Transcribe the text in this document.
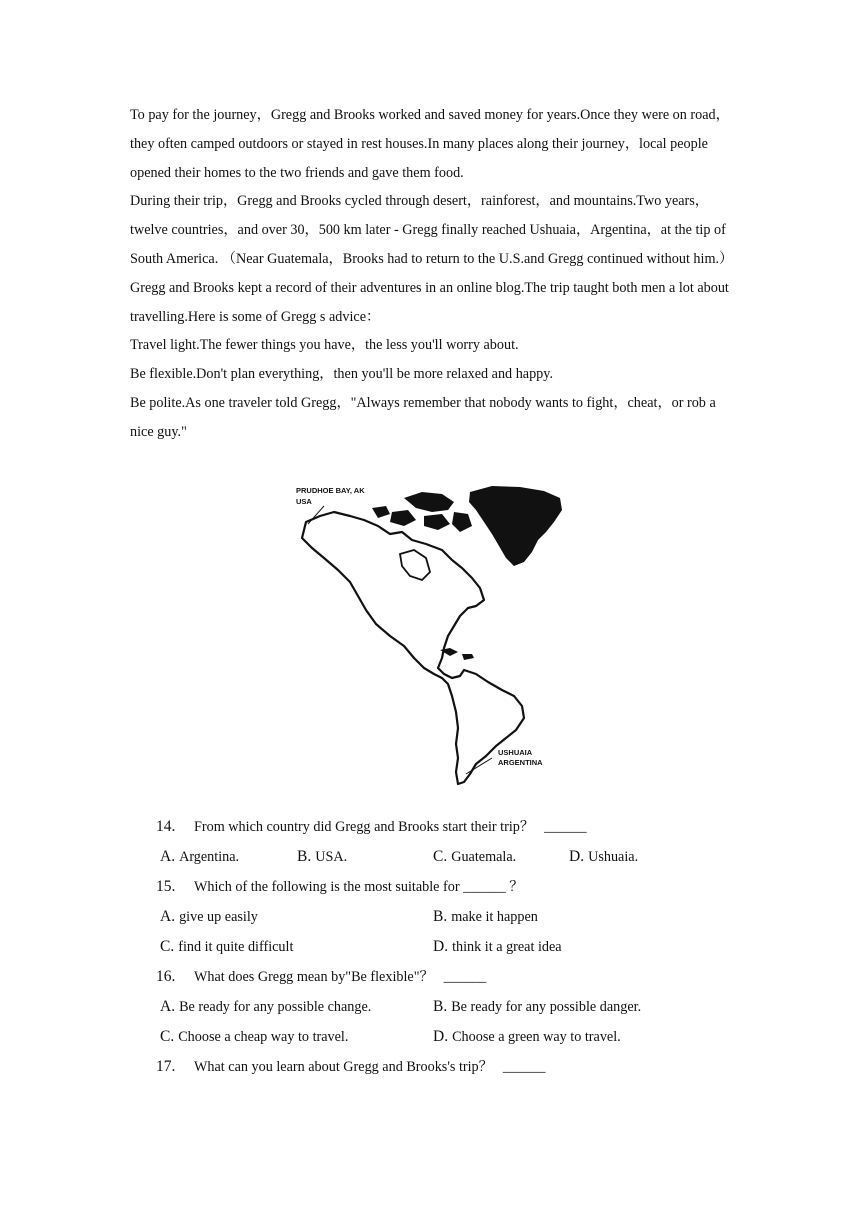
To pay for the journey，Gregg and Brooks worked and saved money for years.Once they were on road，they often camped outdoors or stayed in rest houses.In many places along their journey，local people opened their homes to the two friends and gave them food.

During their trip，Gregg and Brooks cycled through desert，rainforest，and mountains.Two years，twelve countries，and over 30，500 km later - Gregg finally reached Ushuaia，Argentina，at the tip of South America. （Near Guatemala，Brooks had to return to the U.S.and Gregg continued without him.）

Gregg and Brooks kept a record of their adventures in an online blog.The trip taught both men a lot about travelling.Here is some of Gregg s advice：

Travel light.The fewer things you have，the less you'll worry about.

Be flexible.Don't plan everything，then you'll be more relaxed and happy.

Be polite.As one traveler told Gregg，"Always remember that nobody wants to fight，cheat，or rob a nice guy."

PRUDHOE BAY, AK
USA
USHUAIA
ARGENTINA
14. From which country did Gregg and Brooks start their trip？ ______
A. Argentina.	B. USA.	C. Guatemala.	D. Ushuaia.
15. Which of the following is the most suitable for ______ ？
A. give up easily	B. make it happen
C. find it quite difficult	D. think it a great idea
16. What does Gregg mean by"Be flexible"？ ______
A. Be ready for any possible change.	B. Be ready for any possible danger.
C. Choose a cheap way to travel.	D. Choose a green way to travel.
17. What can you learn about Gregg and Brooks's trip？ ______
